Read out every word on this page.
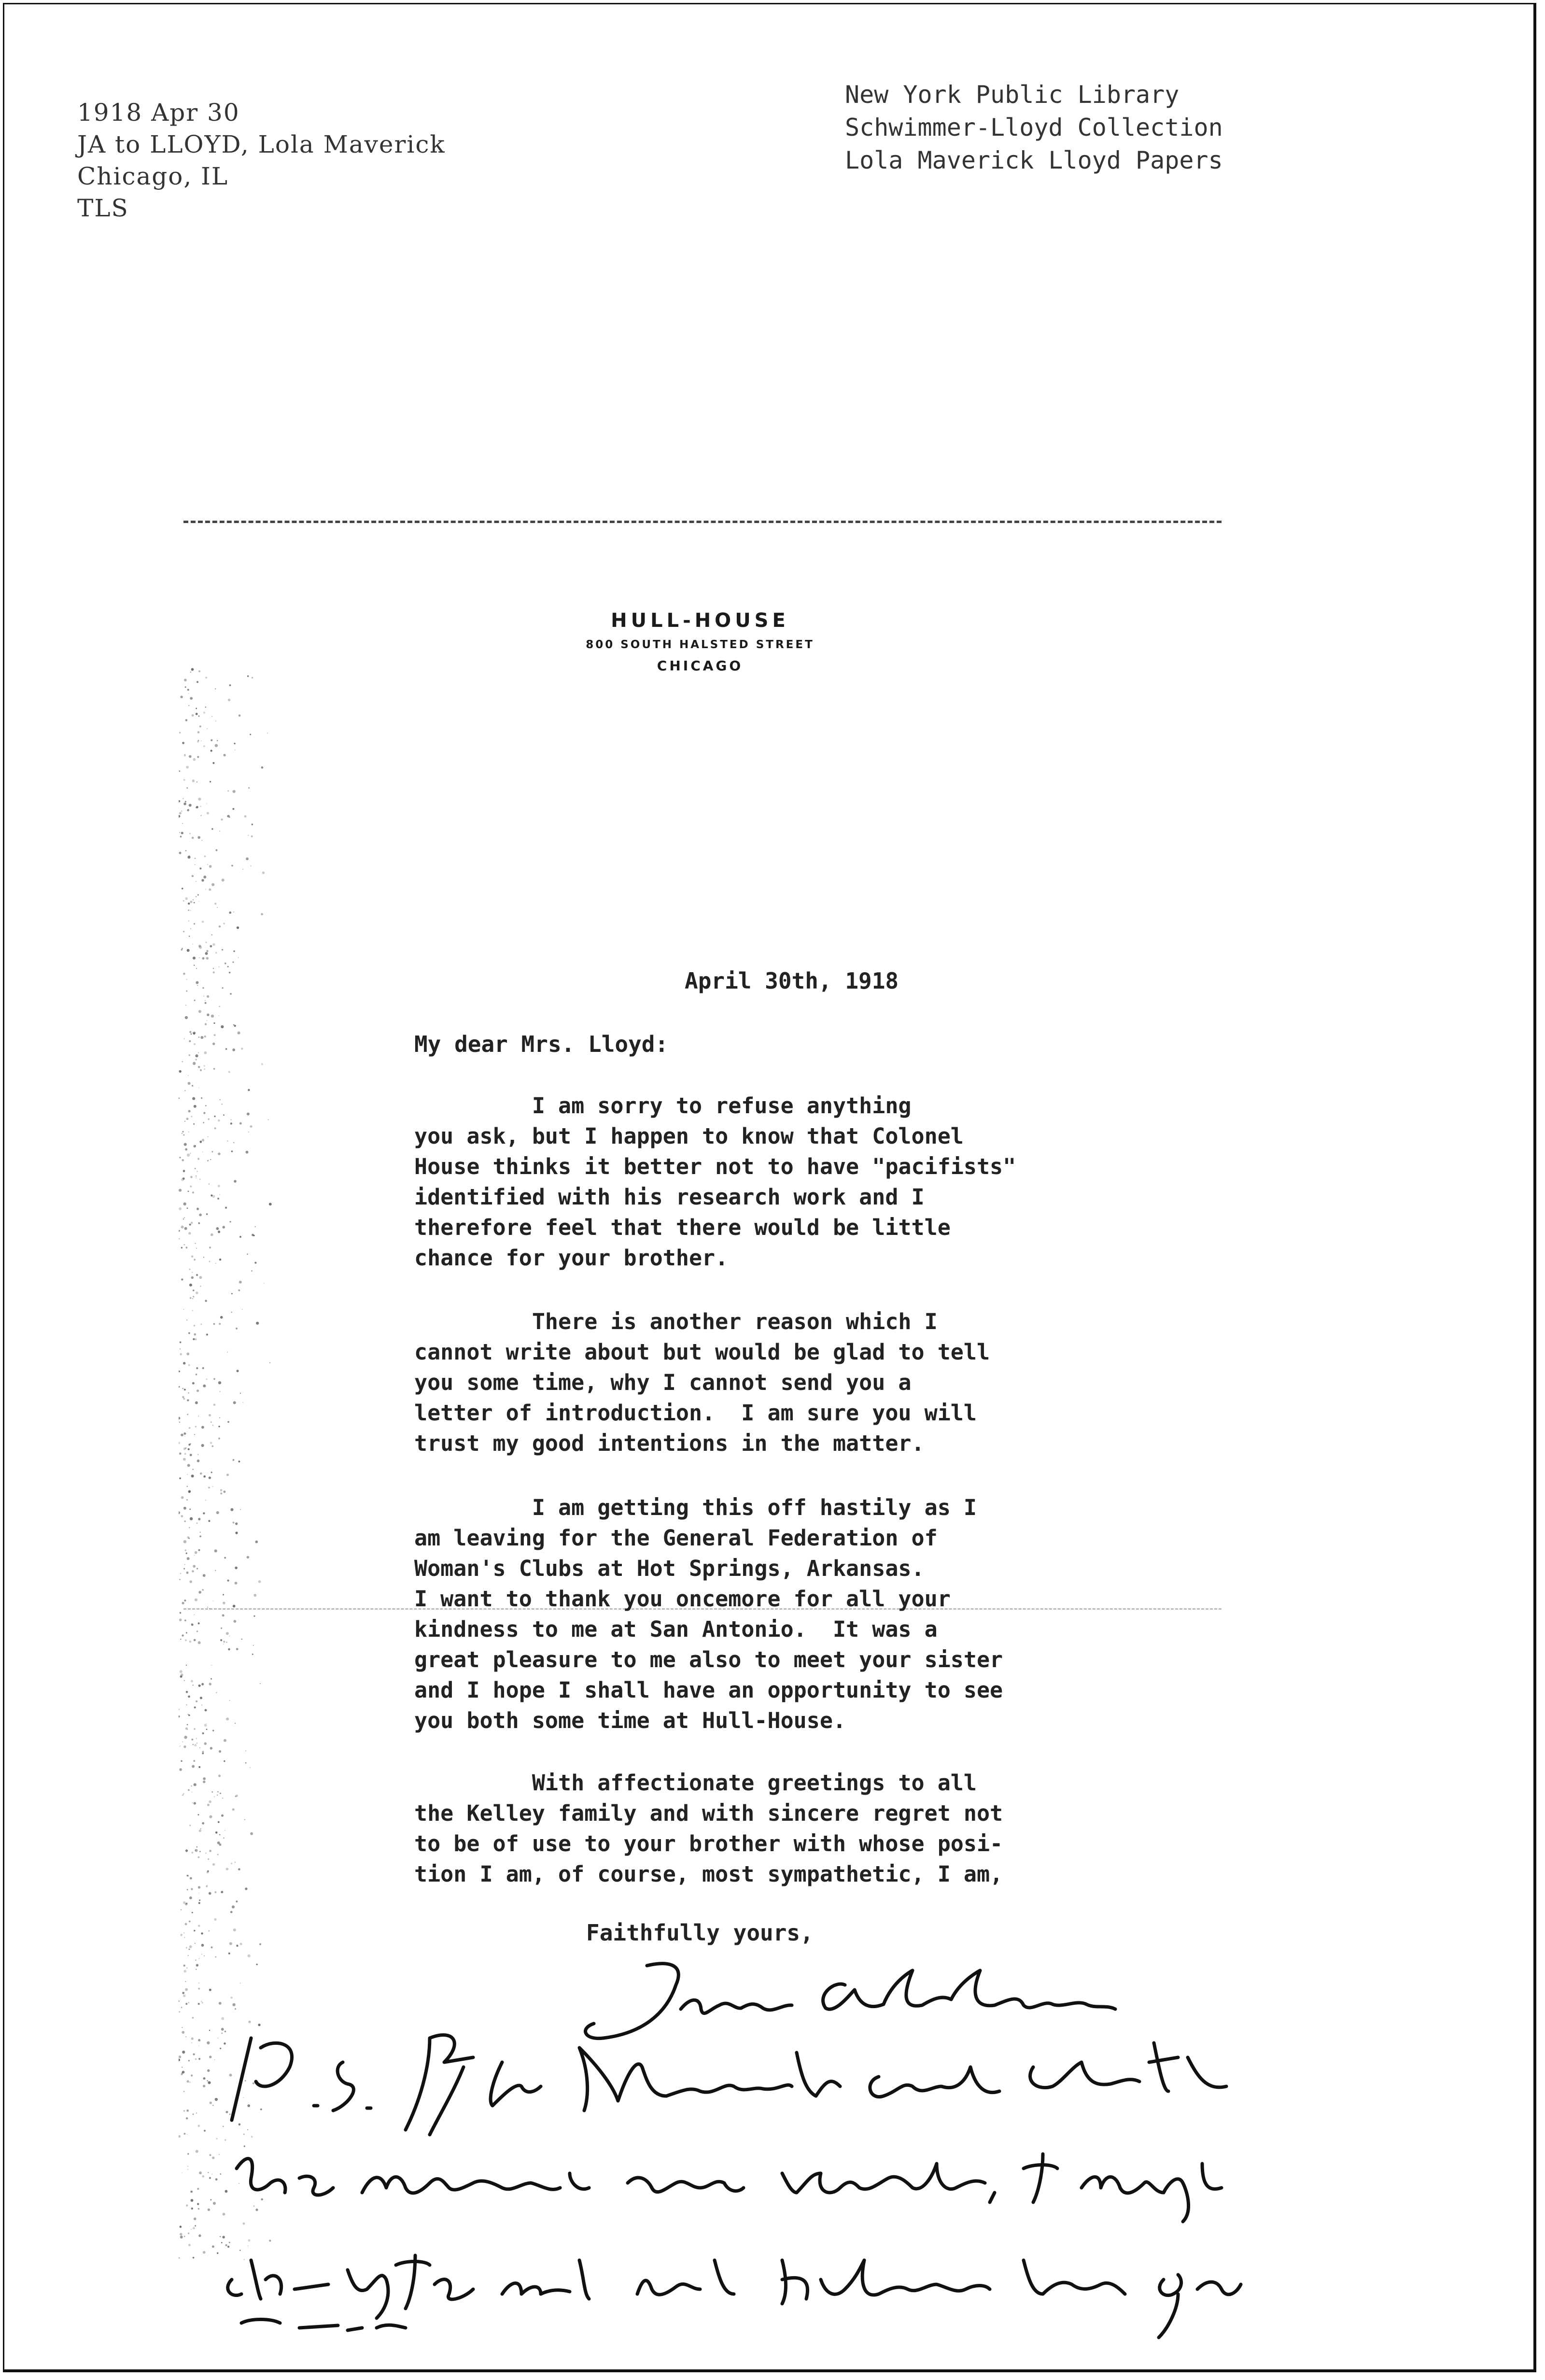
1918 Apr 30
JA to LLOYD, Lola Maverick
Chicago, IL
TLS
New York Public Library
Schwimmer-Lloyd Collection
Lola Maverick Lloyd Papers
HULL-HOUSE
800 SOUTH HALSTED STREET
CHICAGO
April 30th, 1918
My dear Mrs. Lloyd:
I am sorry to refuse anything
you ask, but I happen to know that Colonel
House thinks it better not to have "pacifists"
identified with his research work and I
therefore feel that there would be little
chance for your brother.
There is another reason which I
cannot write about but would be glad to tell
you some time, why I cannot send you a
letter of introduction.  I am sure you will
trust my good intentions in the matter.
I am getting this off hastily as I
am leaving for the General Federation of
Woman's Clubs at Hot Springs, Arkansas.
I want to thank you oncemore for all your
kindness to me at San Antonio.  It was a
great pleasure to me also to meet your sister
and I hope I shall have an opportunity to see
you both some time at Hull-House.
With affectionate greetings to all
the Kelley family and with sincere regret not
to be of use to your brother with whose posi-
tion I am, of course, most sympathetic, I am,
Faithfully yours,
